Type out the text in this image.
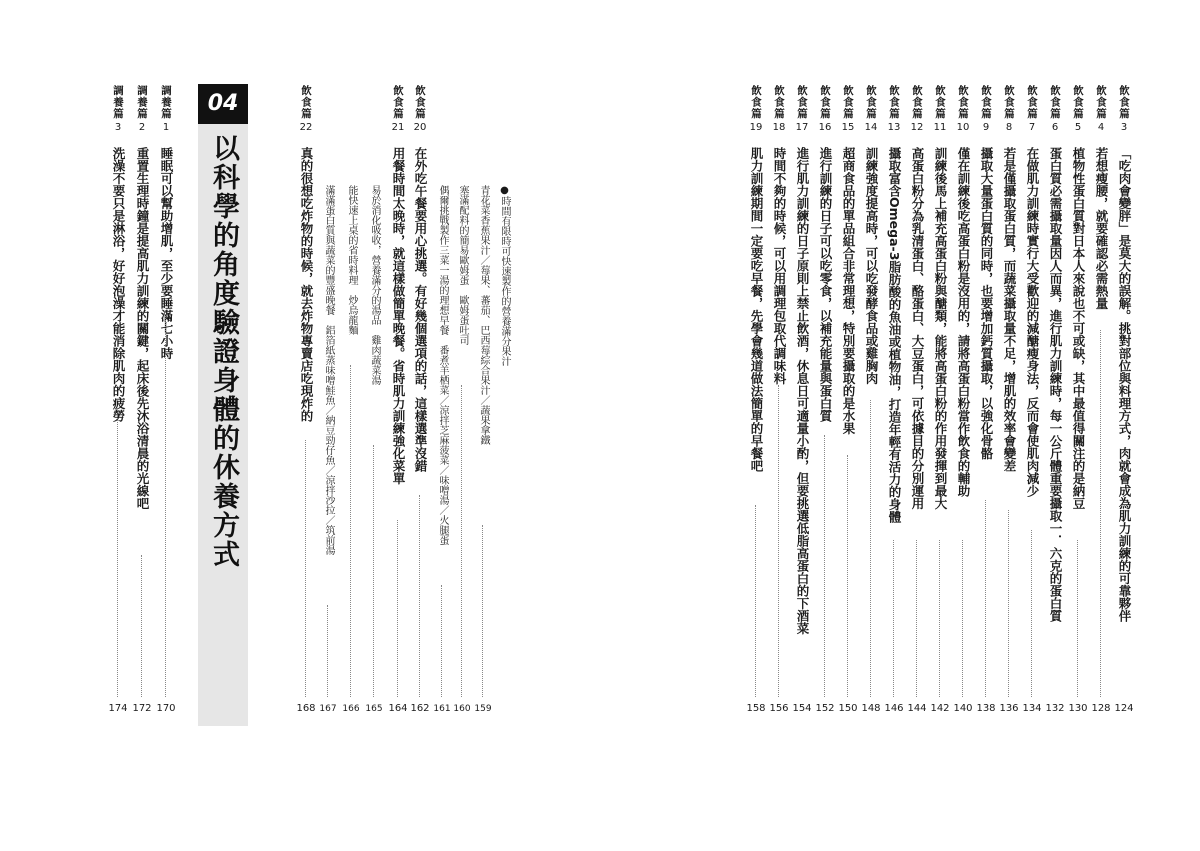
04
以科學的角度驗證身體的休養方式
調養篇
3
洗澡不要只是淋浴，好好泡澡才能消除肌肉的疲勞
174
調養篇
2
重置生理時鐘是提高肌力訓練的關鍵，起床後先沐浴清晨的光線吧
172
調養篇
1
睡眠可以幫助增肌，至少要睡滿七小時
170
飲食篇
22
真的很想吃炸物的時候，就去炸物專賣店吃現炸的
168
滿滿蛋白質與蔬菜的豐盛晚餐　鋁箔紙蒸味噌鮭魚／納豆勁仔魚／涼拌沙拉／筑前湯
167
能快速上桌的省時料理　炒烏龍麵
166
易於消化吸收，營養滿分的湯品　雞肉蔬菜湯
165
飲食篇
21
用餐時間太晚時，就這樣做簡單晚餐。省時肌力訓練強化菜單
164
飲食篇
20
在外吃午餐要用心挑選。有好幾個選項的話，這樣選準沒錯
162
偶爾挑戰製作三菜一湯的理想早餐　番煮羊栖菜／涼拌芝麻菠菜／味噌湯／火腿蛋
161
塞滿配料的簡易歐姆蛋　歐姆蛋吐司
160
青花菜香蕉果汁／莓果、蕃茄、巴西莓綜合果汁／蔬果拿鐵
159
●時間有限時可快速製作的營養滿分果汁
飲食篇
19
肌力訓練期間一定要吃早餐，先學會幾道做法簡單的早餐吧
158
飲食篇
18
時間不夠的時候，可以用調理包取代調味料
156
飲食篇
17
進行肌力訓練的日子原則上禁止飲酒，休息日可適量小酌，但要挑選低脂高蛋白的下酒菜
154
飲食篇
16
進行訓練的日子可以吃零食，以補充能量與蛋白質
152
飲食篇
15
超商食品的單品組合非常理想，特別要攝取的是水果
150
飲食篇
14
訓練強度提高時，可以吃發酵食品或雞胸肉
148
飲食篇
13
攝取富含Omega-3脂肪酸的魚油或植物油，打造年輕有活力的身體
146
飲食篇
12
高蛋白粉分為乳清蛋白、酪蛋白、大豆蛋白，可依據目的分別運用
144
飲食篇
11
訓練後馬上補充高蛋白粉與醣類，能將高蛋白粉的作用發揮到最大
142
飲食篇
10
僅在訓練後吃高蛋白粉是沒用的，請將高蛋白粉當作飲食的輔助
140
飲食篇
9
攝取大量蛋白質的同時，也要增加鈣質攝取，以強化骨骼
138
飲食篇
8
若是僅攝取蛋白質，而蔬菜攝取量不足，增肌的效率會變差
136
飲食篇
7
在做肌力訓練時實行大受歡迎的減醣瘦身法，反而會使肌肉減少
134
飲食篇
6
蛋白質必需攝取量因人而異，進行肌力訓練時，每一公斤體重要攝取一．六克的蛋白質
132
飲食篇
5
植物性蛋白質對日本人來說也不可或缺，其中最值得關注的是納豆
130
飲食篇
4
若想瘦腰，就要確認必需熱量
128
飲食篇
3
「吃肉會變胖」是莫大的誤解。挑對部位與料理方式，肉就會成為肌力訓練的可靠夥伴
124
